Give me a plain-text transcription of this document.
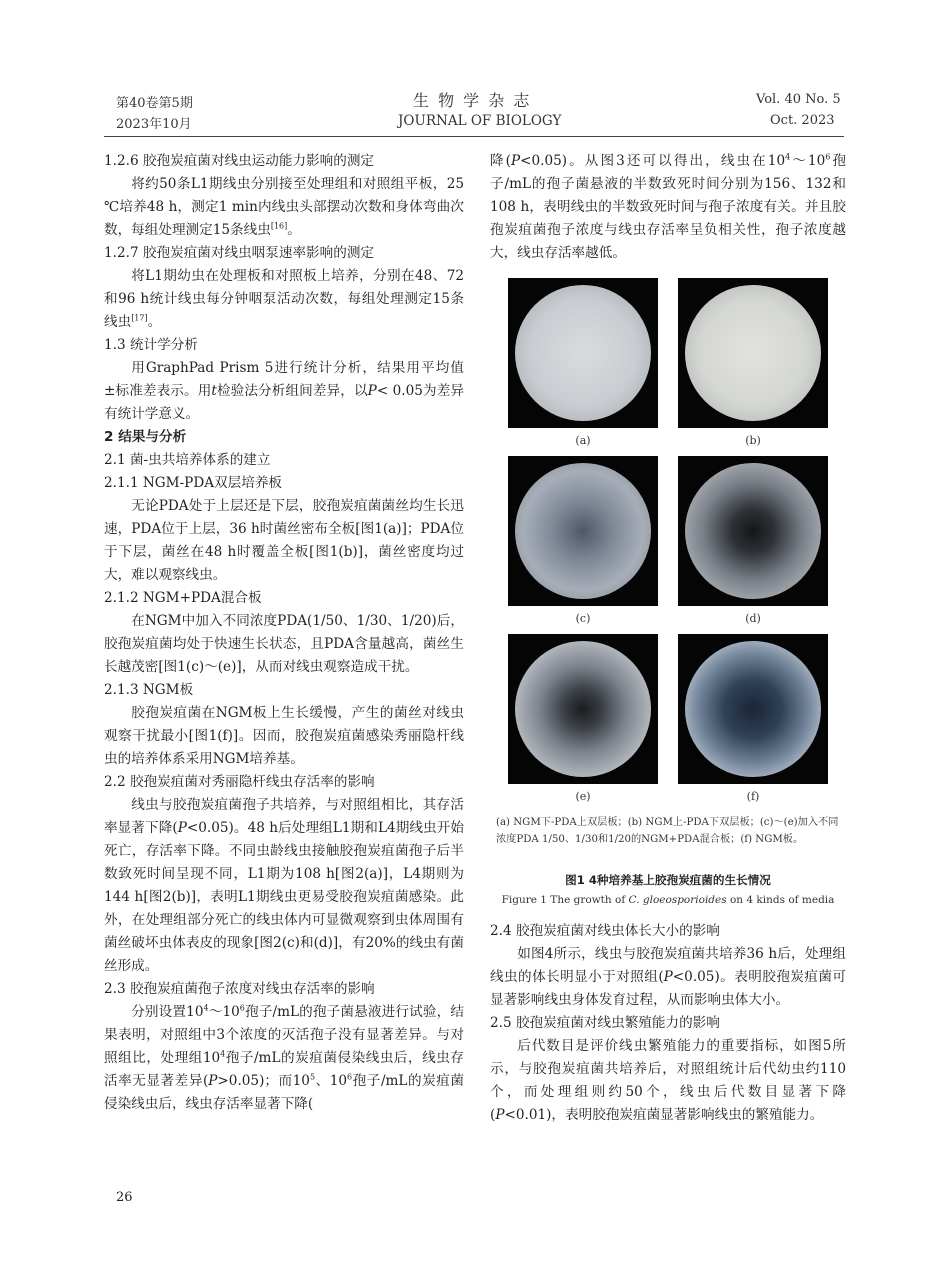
第40卷第5期
2023年10月
生 物 学 杂 志
JOURNAL OF BIOLOGY
Vol. 40 No. 5
Oct. 2023

1.2.6 胶孢炭疽菌对线虫运动能力影响的测定

将约50条L1期线虫分别接至处理组和对照组平板，25 ℃培养48 h，测定1 min内线虫头部摆动次数和身体弯曲次数，每组处理测定15条线虫[16]。

1.2.7 胶孢炭疽菌对线虫咽泵速率影响的测定

将L1期幼虫在处理板和对照板上培养，分别在48、72和96 h统计线虫每分钟咽泵活动次数，每组处理测定15条线虫[17]。

1.3 统计学分析

用GraphPad Prism 5进行统计分析，结果用平均值±标准差表示。用t检验法分析组间差异，以P< 0.05为差异有统计学意义。

2 结果与分析

2.1 菌-虫共培养体系的建立

2.1.1 NGM-PDA双层培养板

无论PDA处于上层还是下层，胶孢炭疽菌菌丝均生长迅速，PDA位于上层，36 h时菌丝密布全板[图1(a)]；PDA位于下层，菌丝在48 h时覆盖全板[图1(b)]，菌丝密度均过大，难以观察线虫。

2.1.2 NGM+PDA混合板

在NGM中加入不同浓度PDA(1/50、1/30、1/20)后，胶孢炭疽菌均处于快速生长状态，且PDA含量越高，菌丝生长越茂密[图1(c)～(e)]，从而对线虫观察造成干扰。

2.1.3 NGM板

胶孢炭疽菌在NGM板上生长缓慢，产生的菌丝对线虫观察干扰最小[图1(f)]。因而，胶孢炭疽菌感染秀丽隐杆线虫的培养体系采用NGM培养基。

2.2 胶孢炭疽菌对秀丽隐杆线虫存活率的影响

线虫与胶孢炭疽菌孢子共培养，与对照组相比，其存活率显著下降(P<0.05)。48 h后处理组L1期和L4期线虫开始死亡，存活率下降。不同虫龄线虫接触胶孢炭疽菌孢子后半数致死时间呈现不同，L1期为108 h[图2(a)]，L4期则为144 h[图2(b)]，表明L1期线虫更易受胶孢炭疽菌感染。此外，在处理组部分死亡的线虫体内可显微观察到虫体周围有菌丝破坏虫体表皮的现象[图2(c)和(d)]，有20%的线虫有菌丝形成。

2.3 胶孢炭疽菌孢子浓度对线虫存活率的影响

分别设置$10^4\sim 10^6$孢子/mL的孢子菌悬液进行试验，结果表明，对照组中3个浓度的灭活孢子没有显著差异。与对照组比，处理组$10^4$孢子/mL的炭疽菌侵染线虫后，线虫存活率无显著差异(P>0.05)；而$10^5$、$10^6$孢子/mL的炭疽菌侵染线虫后，线虫存活率显著下降(

降(P<0.05)。从图3还可以得出，线虫在$10^4\sim 10^6$孢子/mL的孢子菌悬液的半数致死时间分别为156、132和108 h，表明线虫的半数致死时间与孢子浓度有关。并且胶孢炭疽菌孢子浓度与线虫存活率呈负相关性，孢子浓度越大，线虫存活率越低。

(a)	(b)
(c)	(d)
(e)	(f)
(a) NGM下-PDA上双层板；(b) NGM上-PDA下双层板；(c)～(e)加入不同浓度PDA 1/50、1/30和1/20的NGM+PDA混合板；(f) NGM板。
图1 4种培养基上胶孢炭疽菌的生长情况
Figure 1 The growth of C. gloeosporioides on 4 kinds of media

2.4 胶孢炭疽菌对线虫体长大小的影响

如图4所示，线虫与胶孢炭疽菌共培养36 h后，处理组线虫的体长明显小于对照组(P<0.05)。表明胶孢炭疽菌可显著影响线虫身体发育过程，从而影响虫体大小。

2.5 胶孢炭疽菌对线虫繁殖能力的影响

后代数目是评价线虫繁殖能力的重要指标，如图5所示，与胶孢炭疽菌共培养后，对照组统计后代幼虫约110个，而处理组则约50个，线虫后代数目显著下降(P<0.01)，表明胶孢炭疽菌显著影响线虫的繁殖能力。

26
